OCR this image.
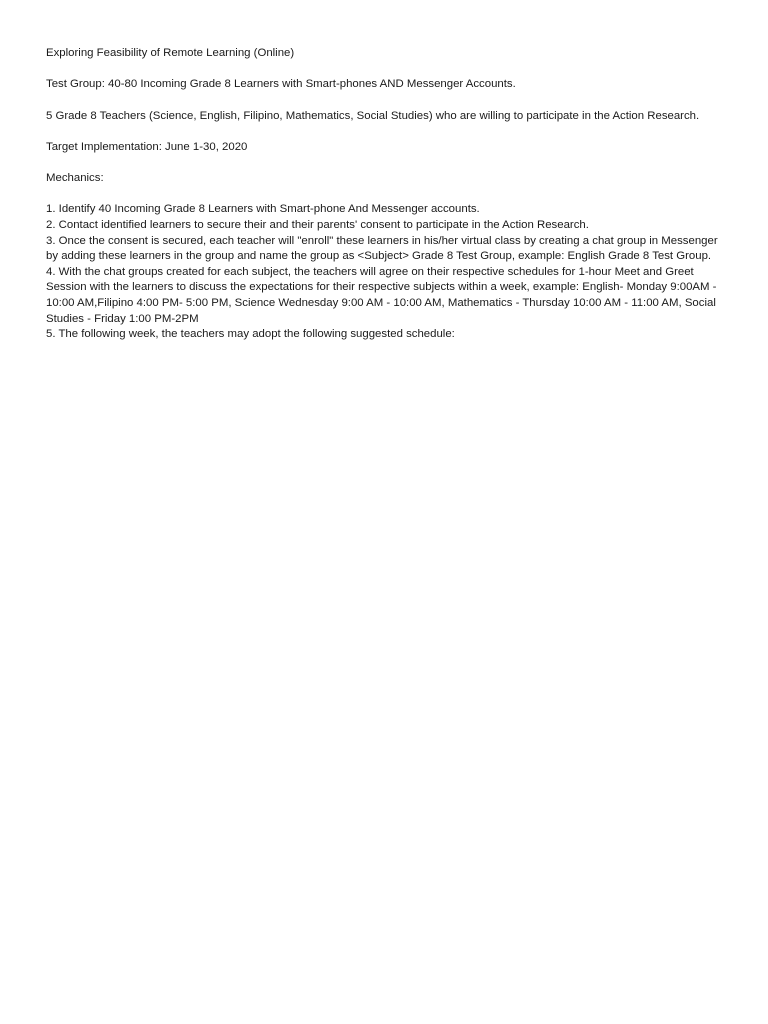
Exploring Feasibility of Remote Learning (Online)

Test Group: 40-80 Incoming Grade 8 Learners with Smart-phones AND Messenger Accounts.

5 Grade 8 Teachers (Science, English, Filipino, Mathematics, Social Studies) who are willing to participate in the Action Research.

Target Implementation: June 1-30, 2020

Mechanics:

1. Identify 40 Incoming Grade 8 Learners with Smart-phone And Messenger accounts.
2. Contact identified learners to secure their and their parents' consent to participate in the Action Research.
3. Once the consent is secured, each teacher will "enroll" these learners in his/her virtual class by creating a chat group in Messenger by adding these learners in the group and name the group as <Subject> Grade 8 Test Group, example: English Grade 8 Test Group.
4. With the chat groups created for each subject, the teachers will agree on their respective schedules for 1-hour Meet and Greet Session with the learners to discuss the expectations for their respective subjects within a week, example: English- Monday 9:00AM - 10:00 AM,Filipino 4:00 PM- 5:00 PM, Science Wednesday 9:00 AM - 10:00 AM, Mathematics - Thursday 10:00 AM - 11:00 AM, Social Studies - Friday 1:00 PM-2PM
5. The following week, the teachers may adopt the following suggested schedule:
